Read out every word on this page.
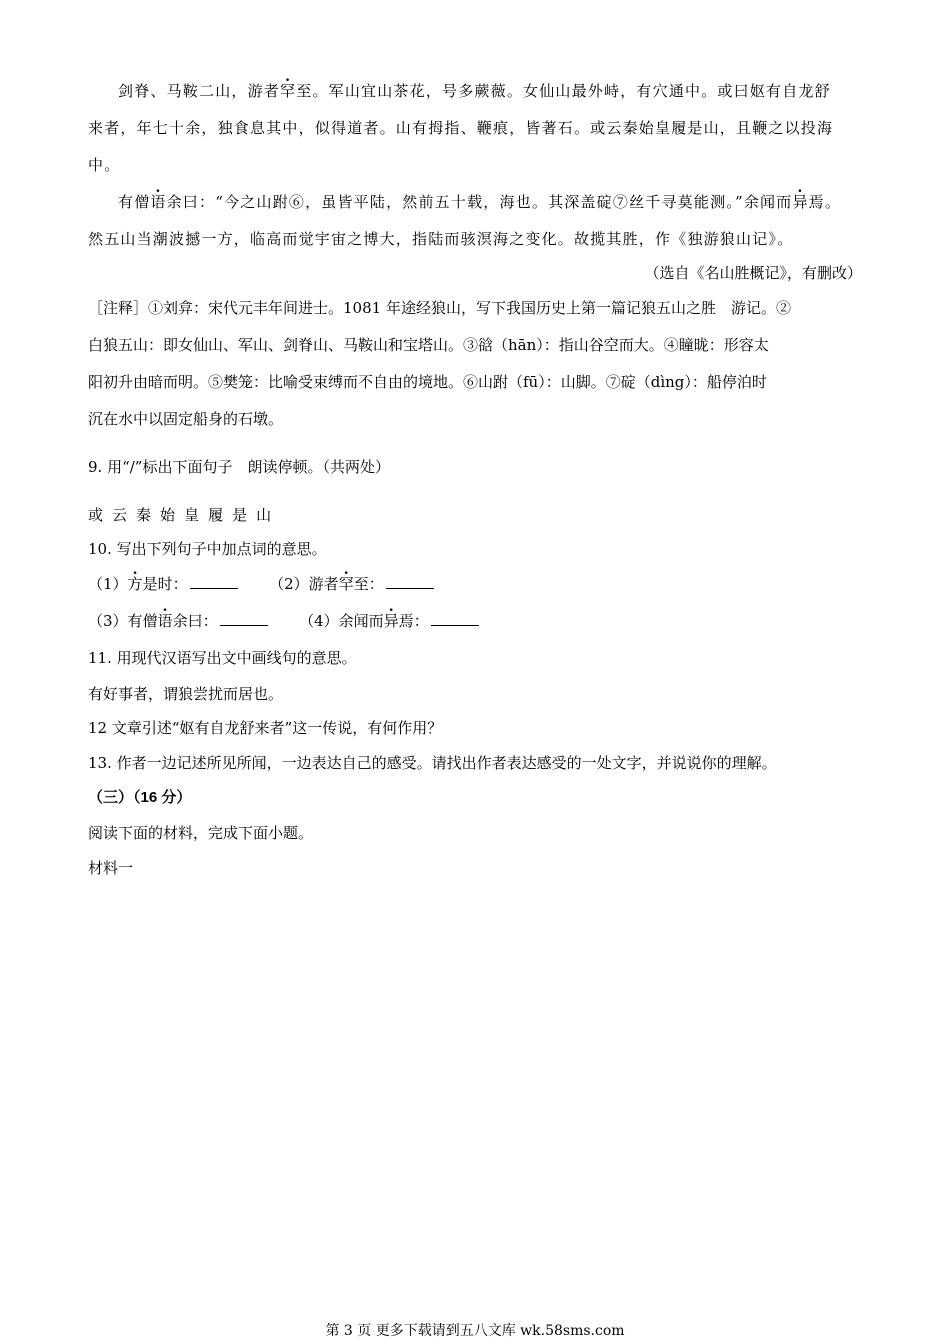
剑脊、马鞍二山，游者罕至。军山宜山茶花，号多蕨薇。女仙山最外峙，有穴通中。或曰妪有自龙舒
来者，年七十余，独食息其中，似得道者。山有拇指、鞭痕，皆著石。或云秦始皇履是山，且鞭之以投海
中。
有僧语余曰：“今之山跗⑥，虽皆平陆，然前五十载，海也。其深盖碇⑦丝千寻莫能测。”余闻而异焉。
然五山当潮波撼一方，临高而觉宇宙之博大，指陆而骇溟海之变化。故揽其胜，作《独游狼山记》。
（选自《名山胜概记》，有删改）
［注释］①刘弇：宋代元丰年间进士。1081 年途经狼山，写下我国历史上第一篇记狼五山之胜　游记。②
白狼五山：即女仙山、军山、剑脊山、马鞍山和宝塔山。③谽（hān）：指山谷空而大。④瞳昽：形容太
阳初升由暗而明。⑤樊笼：比喻受束缚而不自由的境地。⑥山跗（fū）：山脚。⑦碇（dìng）：船停泊时
沉在水中以固定船身的石墩。
9. 用“/”标出下面句子　朗读停顿。（共两处）
或 云 秦 始 皇 履 是 山
10. 写出下列句子中加点词的意思。
（1）方是时：	（2）游者罕至：
（3）有僧语余曰：	（4）余闻而异焉：
11. 用现代汉语写出文中画线句的意思。
有好事者，谓狼尝扰而居也。
12 文章引述“妪有自龙舒来者”这一传说，有何作用？
13. 作者一边记述所见所闻，一边表达自己的感受。请找出作者表达感受的一处文字，并说说你的理解。
（三）（16 分）
阅读下面的材料，完成下面小题。
材料一
第 3 页 更多下载请到五八文库 wk.58sms.com
